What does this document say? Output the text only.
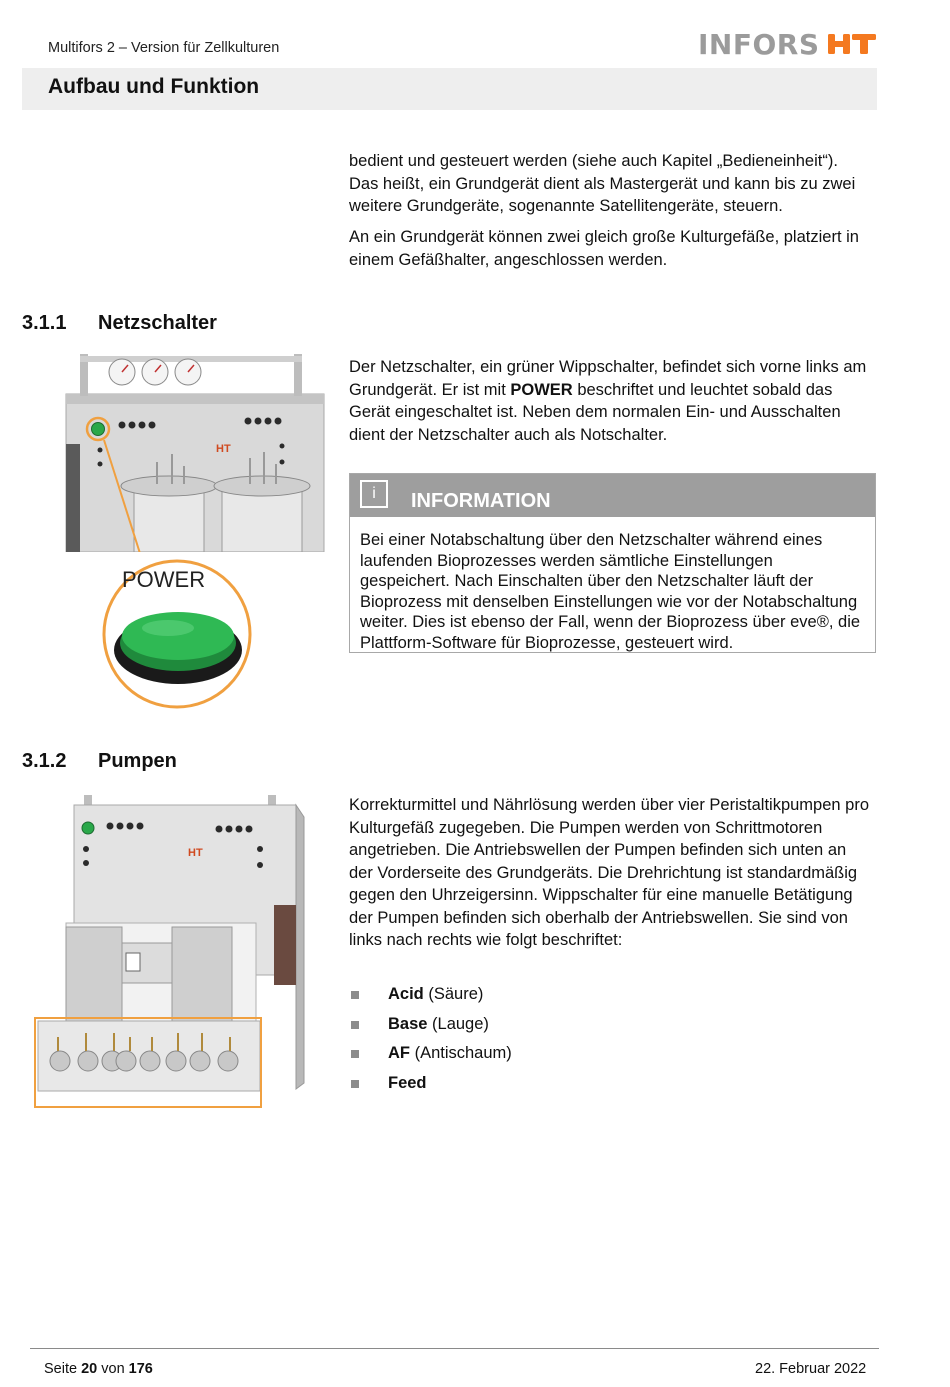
Multifors 2 – Version für Zellkulturen	INFORS
Aufbau und Funktion

bedient und gesteuert werden (siehe auch Kapitel „Bedieneinheit“). Das heißt, ein Grundgerät dient als Mastergerät und kann bis zu zwei weitere Grundgeräte, sogenannte Satellitengeräte, steuern.

An ein Grundgerät können zwei gleich große Kulturgefäße, platziert in einem Gefäßhalter, angeschlossen werden.

3.1.1 Netzschalter
HT
POWER

Der Netzschalter, ein grüner Wippschalter, befindet sich vorne links am Grundgerät. Er ist mit POWER beschriftet und leuchtet sobald das Gerät eingeschaltet ist. Neben dem normalen Ein- und Ausschalten dient der Netzschalter auch als Notschalter.

i	INFORMATION

Bei einer Notabschaltung über den Netzschalter während eines laufenden Bioprozesses werden sämtliche Einstellungen gespeichert. Nach Einschalten über den Netzschalter läuft der Bioprozess mit denselben Einstellungen wie vor der Notabschaltung weiter. Dies ist ebenso der Fall, wenn der Bioprozess über eve®, die Plattform-Software für Bioprozesse, gesteuert wird.

3.1.2 Pumpen
HT

Korrekturmittel und Nährlösung werden über vier Peristaltikpumpen pro Kulturgefäß zugegeben. Die Pumpen werden von Schrittmotoren angetrieben. Die Antriebswellen der Pumpen befinden sich unten an der Vorderseite des Grundgeräts. Die Drehrichtung ist standardmäßig gegen den Uhrzeigersinn. Wippschalter für eine manuelle Betätigung der Pumpen befinden sich oberhalb der Antriebswellen. Sie sind von links nach rechts wie folgt beschriftet:

Acid (Säure)
Base (Lauge)
AF (Antischaum)
Feed
Seite 20 von 176	22. Februar 2022
